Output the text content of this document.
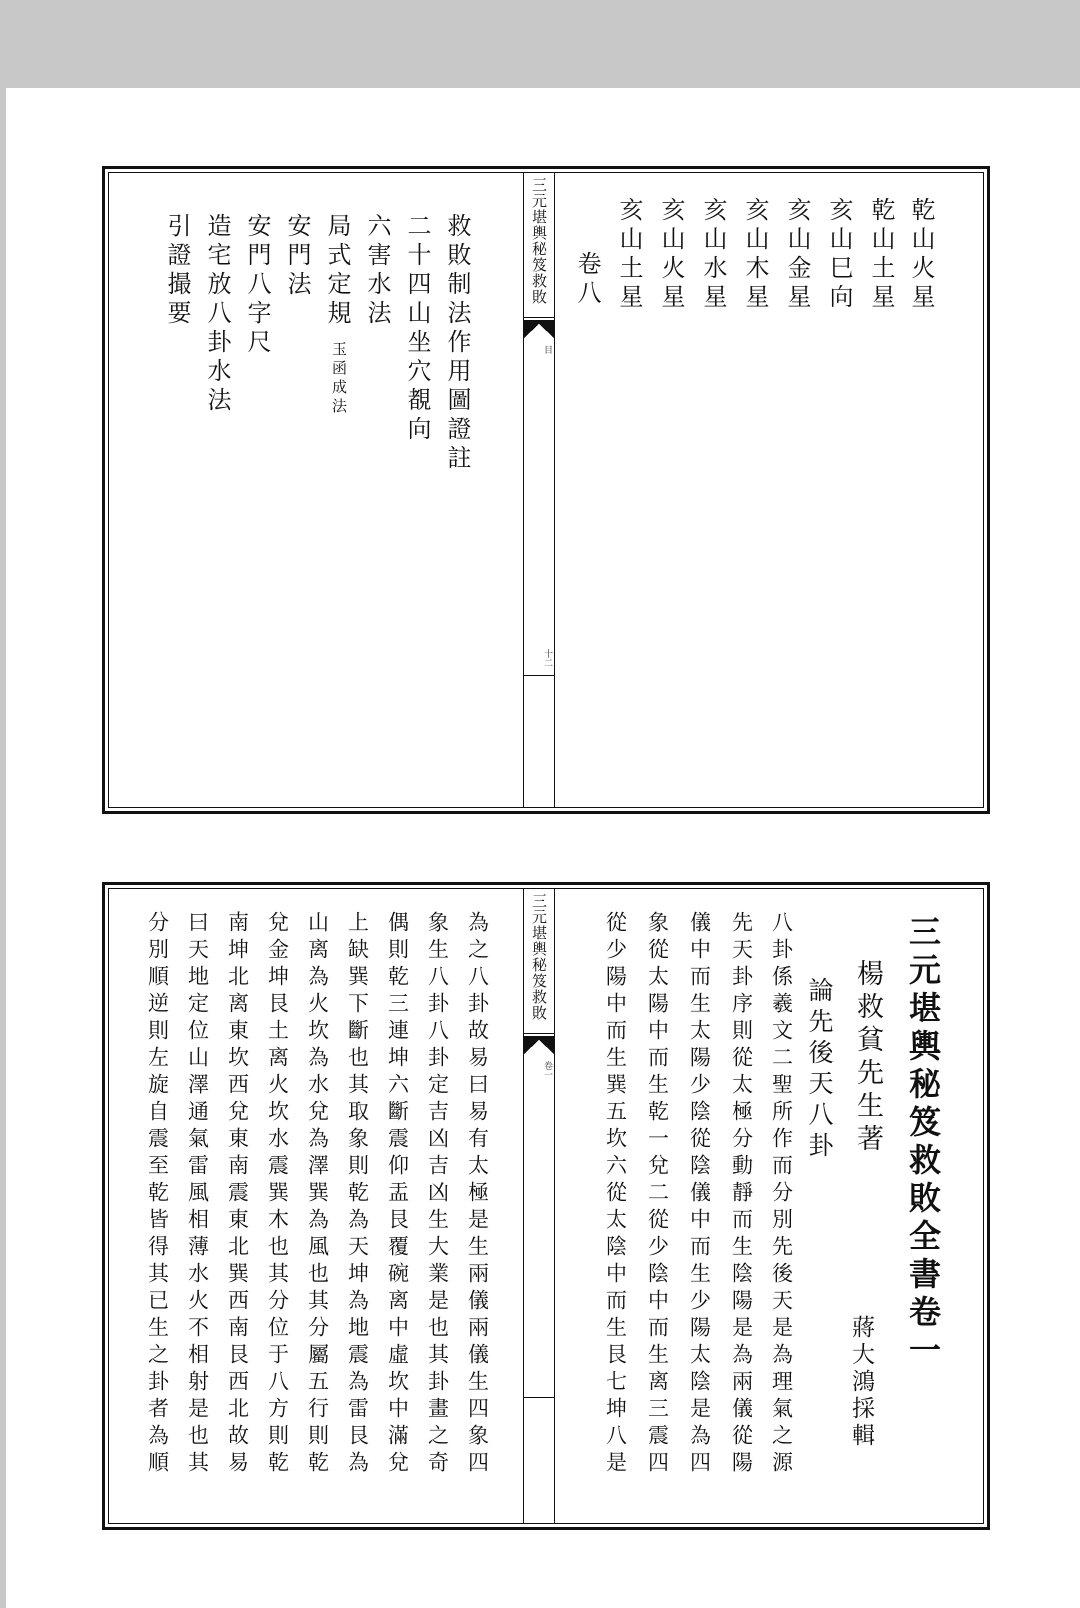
乾山火星

乾山土星

亥山巳向

亥山金星

亥山木星

亥山水星

亥山火星

亥山土星

卷八

三元堪輿秘笈救敗

目
十二

救敗制法作用圖證註

二十四山坐穴覩向

六害水法

局式定規

玉函成法

安門法

安門八字尺

造宅放八卦水法

引證撮要

三元堪輿秘笈救敗全書卷一

楊救貧先生著

蔣大鴻採輯

論先後天八卦

八卦係羲文二聖所作而分別先後天是為理氣之源

先天卦序則從太極分動靜而生陰陽是為兩儀從陽

儀中而生太陽少陰從陰儀中而生少陽太陰是為四

象從太陽中而生乾一兌二從少陰中而生离三震四

從少陽中而生巽五坎六從太陰中而生艮七坤八是

三元堪輿秘笈救敗

卷一

為之八卦故易曰易有太極是生兩儀兩儀生四象四

象生八卦八卦定吉凶吉凶生大業是也其卦畫之奇

偶則乾三連坤六斷震仰盂艮覆碗离中虛坎中滿兌

上缺巽下斷也其取象則乾為天坤為地震為雷艮為

山离為火坎為水兌為澤巽為風也其分屬五行則乾

兌金坤艮土离火坎水震巽木也其分位于八方則乾

南坤北离東坎西兌東南震東北巽西南艮西北故易

曰天地定位山澤通氣雷風相薄水火不相射是也其

分別順逆則左旋自震至乾皆得其已生之卦者為順
